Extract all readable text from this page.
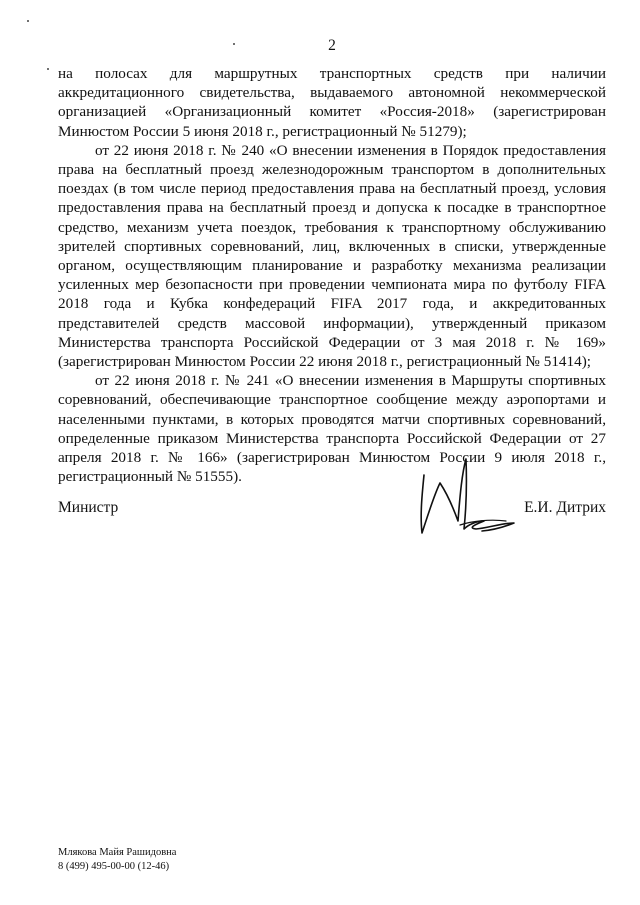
2

на полосах для маршрутных транспортных средств при наличии аккредитационного свидетельства, выдаваемого автономной некоммерческой организацией «Организационный комитет «Россия-2018» (зарегистрирован Минюстом России 5 июня 2018 г., регистрационный № 51279);

от 22 июня 2018 г. № 240 «О внесении изменения в Порядок предоставления права на бесплатный проезд железнодорожным транспортом в дополнительных поездах (в том числе период предоставления права на бесплатный проезд, условия предоставления права на бесплатный проезд и допуска к посадке в транспортное средство, механизм учета поездок, требования к транспортному обслуживанию зрителей спортивных соревнований, лиц, включенных в списки, утвержденные органом, осуществляющим планирование и разработку механизма реализации усиленных мер безопасности при проведении чемпионата мира по футболу FIFA 2018 года и Кубка конфедераций FIFA 2017 года, и аккредитованных представителей средств массовой информации), утвержденный приказом Министерства транспорта Российской Федерации от 3 мая 2018 г. № 169» (зарегистрирован Минюстом России 22 июня 2018 г., регистрационный № 51414);

от 22 июня 2018 г. № 241 «О внесении изменения в Маршруты спортивных соревнований, обеспечивающие транспортное сообщение между аэропортами и населенными пунктами, в которых проводятся матчи спортивных соревнований, определенные приказом Министерства транспорта Российской Федерации от 27 апреля 2018 г. № 166» (зарегистрирован Минюстом России 9 июля 2018 г., регистрационный № 51555).

Министр	Е.И. Дитрих
Млякова Майя Рашидовна
8 (499) 495-00-00 (12-46)
